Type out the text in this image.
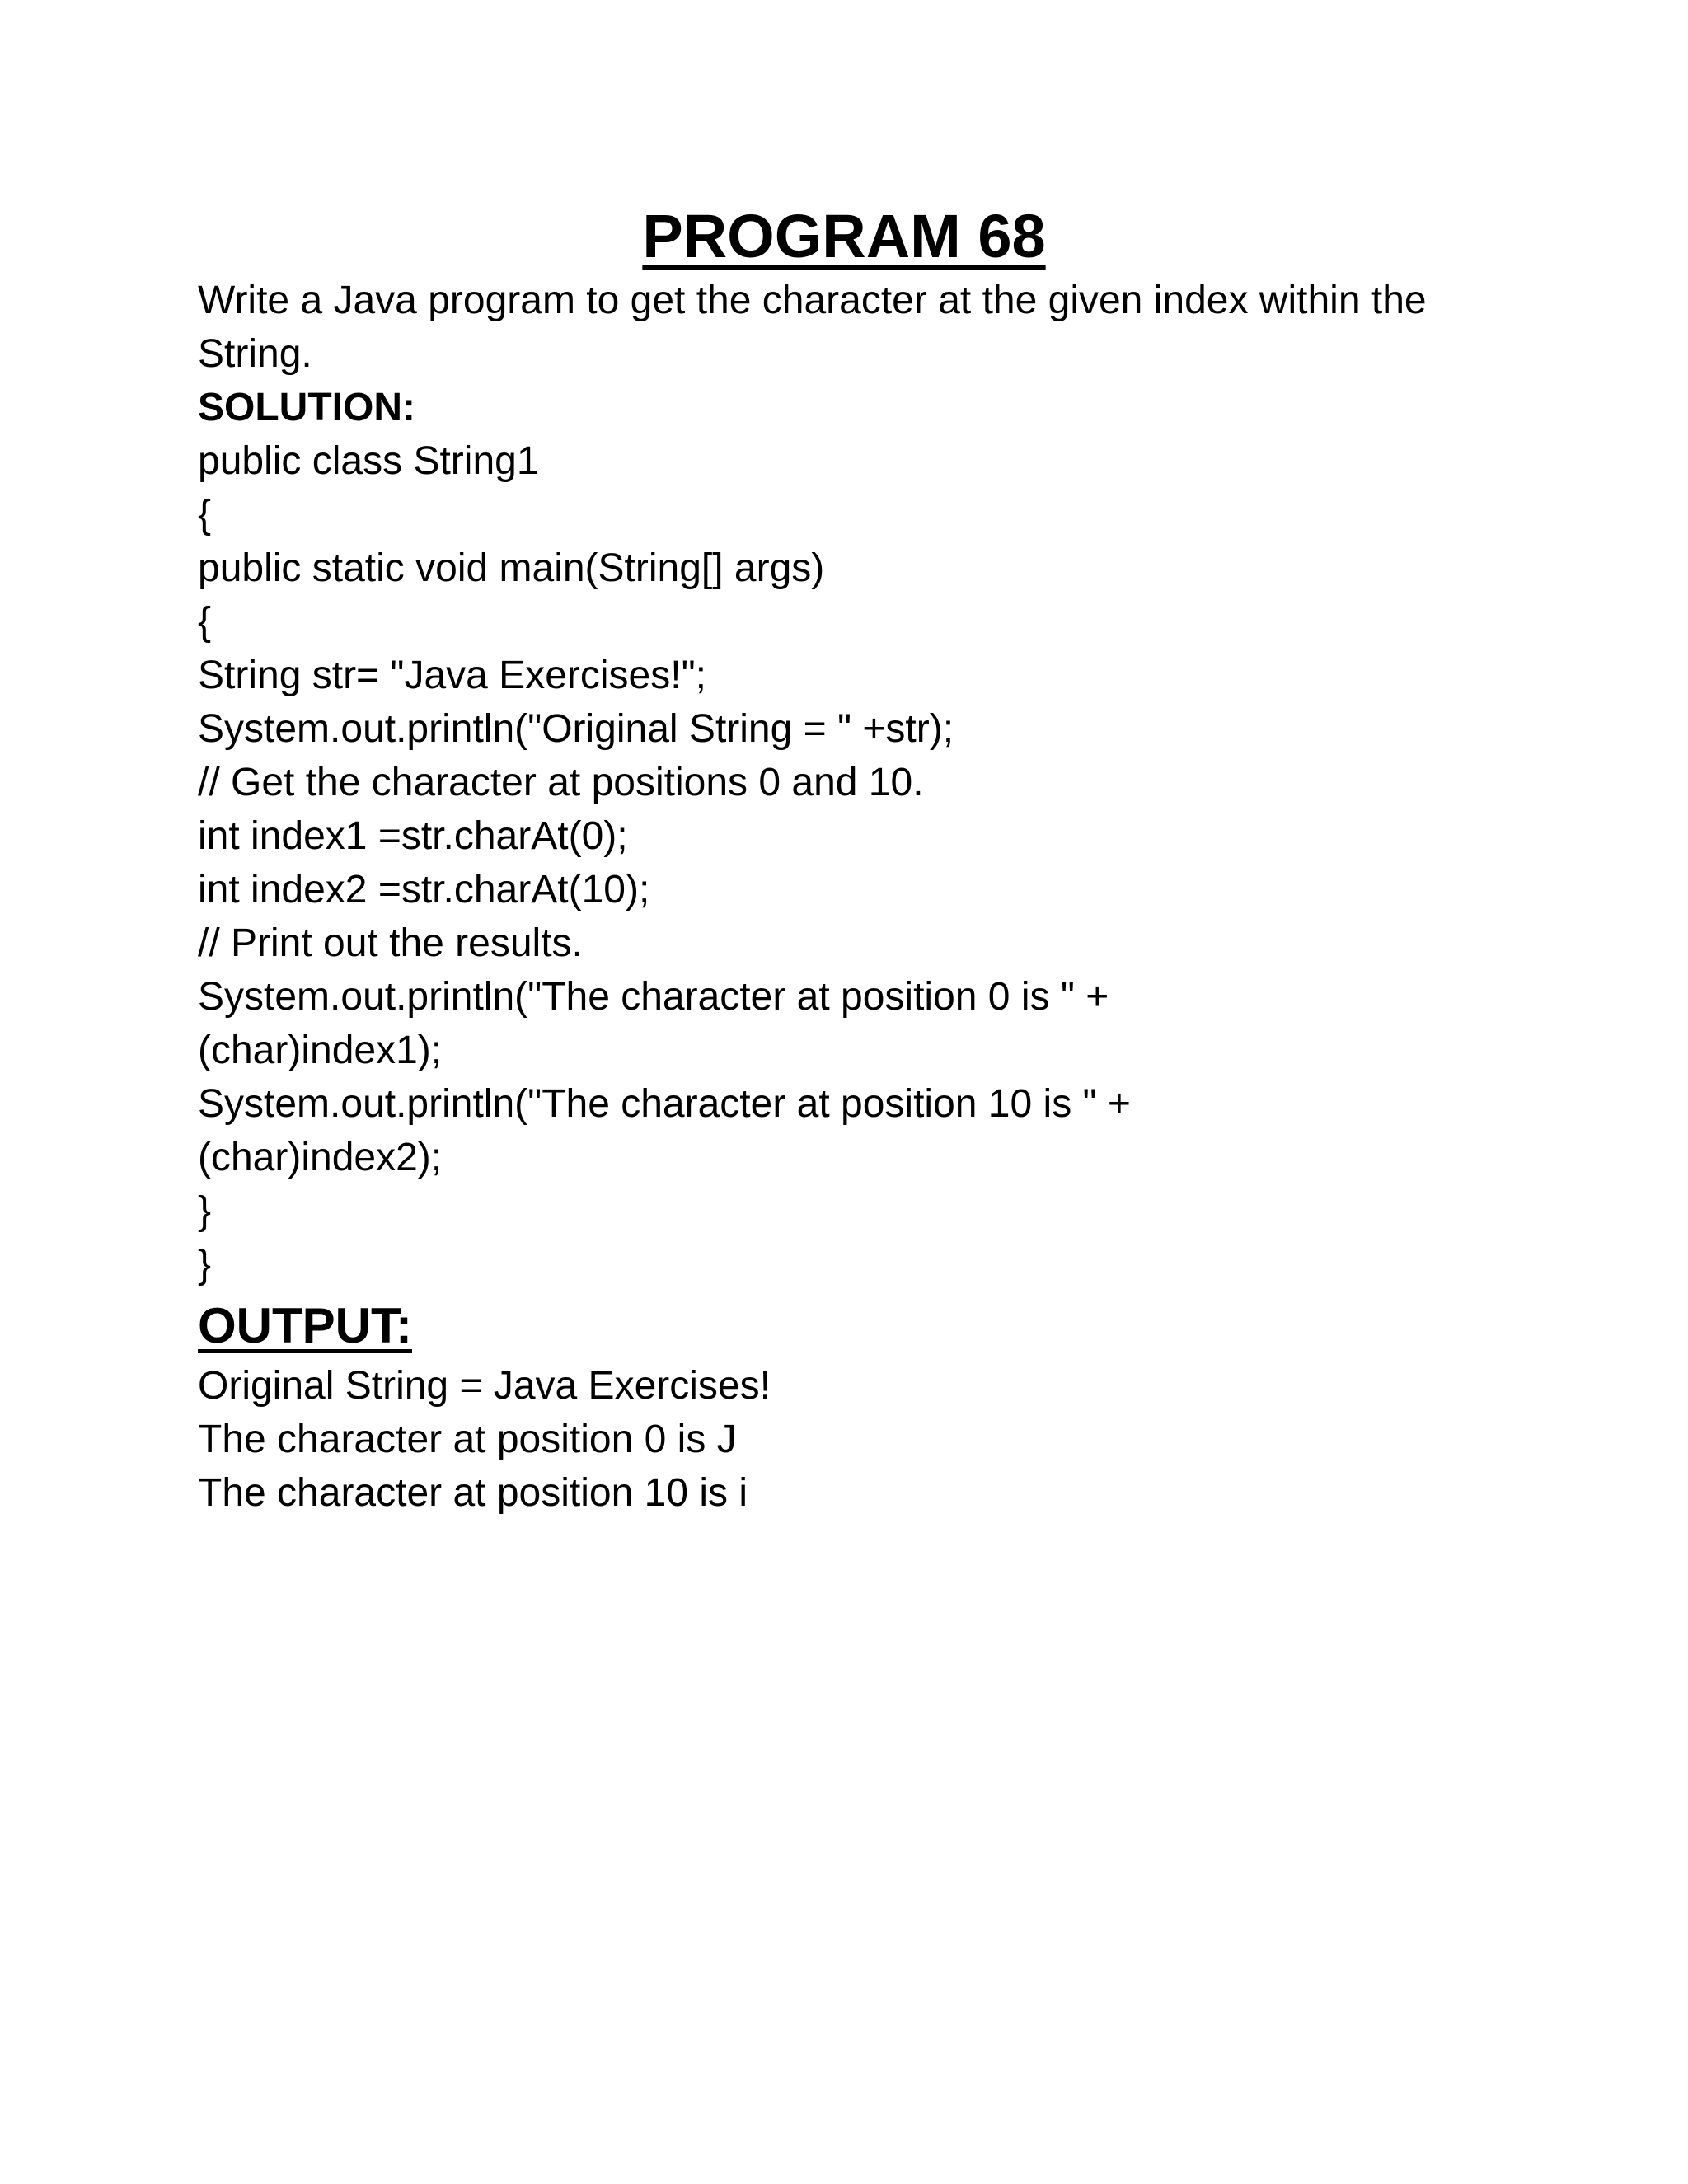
PROGRAM 68
Write a Java program to get the character at the given index within the String.
SOLUTION:
public class String1
{
public static void main(String[] args)
{
String str= "Java Exercises!";
System.out.println("Original String = " +str);
// Get the character at positions 0 and 10.
int index1 =str.charAt(0);
int index2 =str.charAt(10);
// Print out the results.
System.out.println("The character at position 0 is " +
(char)index1);
System.out.println("The character at position 10 is " +
(char)index2);
}
}
OUTPUT:
Original String = Java Exercises!
The character at position 0 is J
The character at position 10 is i
